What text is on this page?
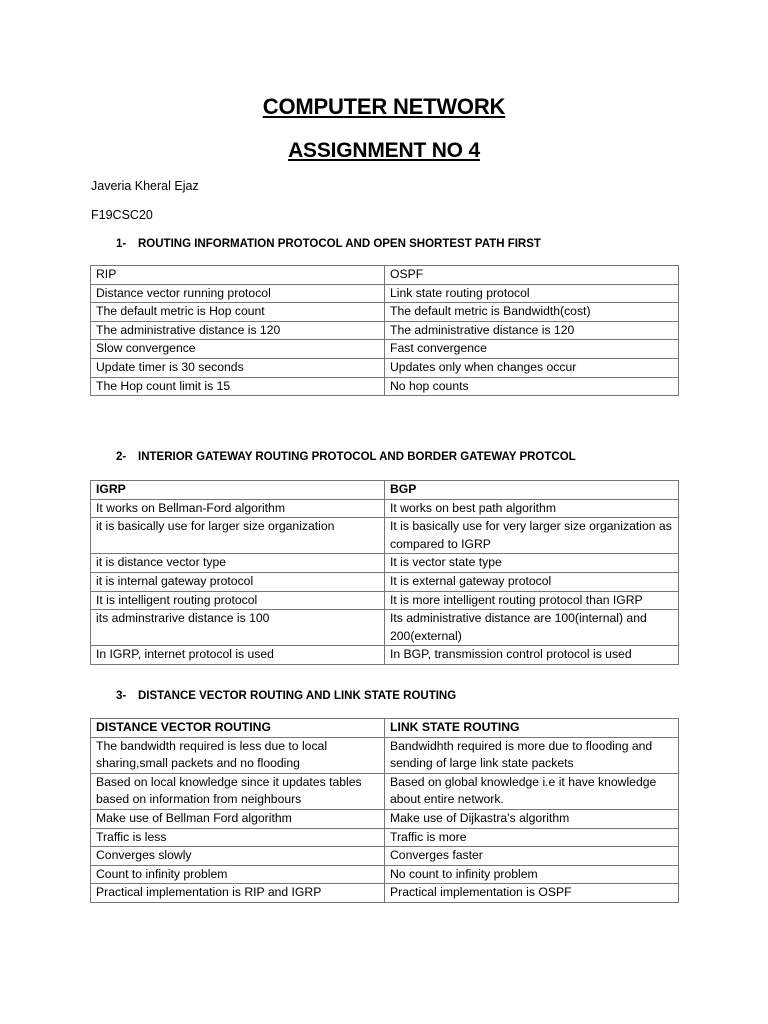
COMPUTER NETWORK
ASSIGNMENT NO 4
Javeria Kheral Ejaz
F19CSC20
1- ROUTING INFORMATION PROTOCOL AND OPEN SHORTEST PATH FIRST
RIP	OSPF
Distance vector running protocol	Link state routing protocol
The default metric is Hop count	The default metric is Bandwidth(cost)
The administrative distance is 120	The administrative distance is 120
Slow convergence	Fast convergence
Update timer is 30 seconds	Updates only when changes occur
The Hop count limit is 15	No hop counts
2- INTERIOR GATEWAY ROUTING PROTOCOL AND BORDER GATEWAY PROTCOL
IGRP	BGP
It works on Bellman-Ford algorithm	It works on best path algorithm
it is basically use for larger size organization	It is basically use for very larger size organization as compared to IGRP
it is distance vector type	It is vector state type
it is internal gateway protocol	It is external gateway protocol
It is intelligent routing protocol	It is more intelligent routing protocol than IGRP
its adminstrarive distance is 100	Its administrative distance are 100(internal) and 200(external)
In IGRP, internet protocol is used	In BGP, transmission control protocol is used
3- DISTANCE VECTOR ROUTING AND LINK STATE ROUTING
DISTANCE VECTOR ROUTING	LINK STATE ROUTING
The bandwidth required is less due to local sharing,small packets and no flooding	Bandwidhth required is more due to flooding and sending of large link state packets
Based on local knowledge since it updates tables based on information from neighbours	Based on global knowledge i.e it have knowledge about entire network.
Make use of Bellman Ford algorithm	Make use of Dijkastra’s algorithm
Traffic is less	Traffic is more
Converges slowly	Converges faster
Count to infinity problem	No count to infinity problem
Practical implementation is RIP and IGRP	Practical implementation is OSPF
